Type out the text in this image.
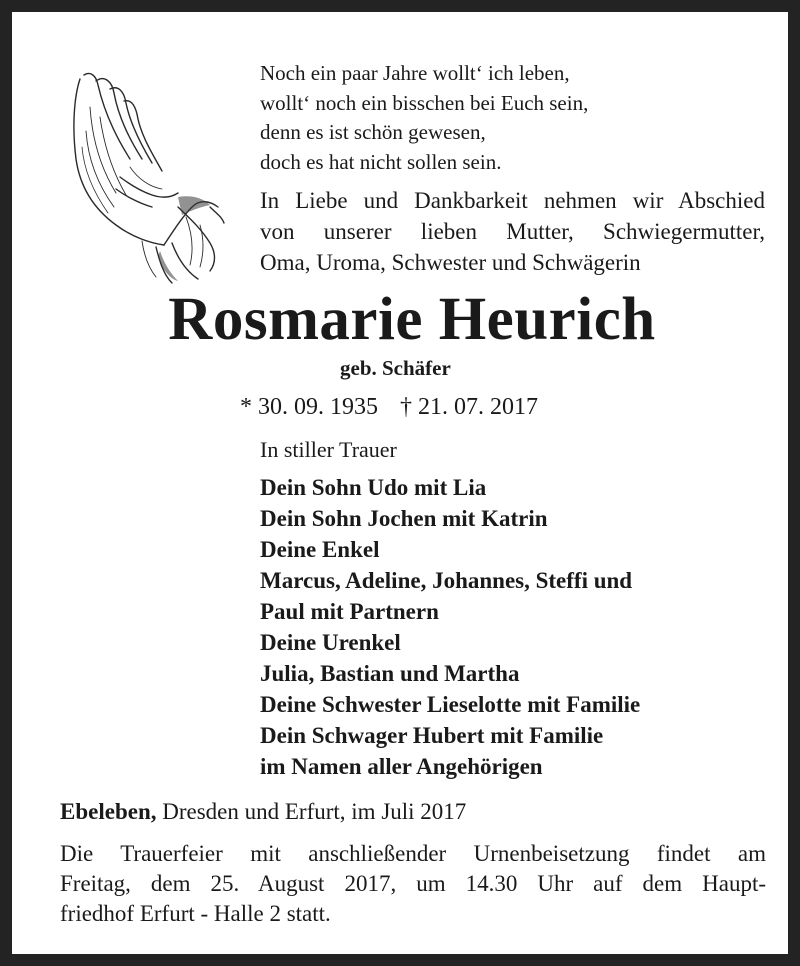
Noch ein paar Jahre wollt‘ ich leben,
wollt‘ noch ein bisschen bei Euch sein,
denn es ist schön gewesen,
doch es hat nicht sollen sein.
In Liebe und Dankbarkeit nehmen wir Abschied
von unserer lieben Mutter, Schwiegermutter,
Oma, Uroma, Schwester und Schwägerin
Rosmarie Heurich
geb. Schäfer
* 30. 09. 1935 † 21. 07. 2017
In stiller Trauer
Dein Sohn Udo mit Lia
Dein Sohn Jochen mit Katrin
Deine Enkel
Marcus, Adeline, Johannes, Steffi und
Paul mit Partnern
Deine Urenkel
Julia, Bastian und Martha
Deine Schwester Lieselotte mit Familie
Dein Schwager Hubert mit Familie
im Namen aller Angehörigen
Ebeleben, Dresden und Erfurt, im Juli 2017
Die Trauerfeier mit anschließender Urnenbeisetzung findet am
Freitag, dem 25. August 2017, um 14.30 Uhr auf dem Haupt-
friedhof Erfurt - Halle 2 statt.
